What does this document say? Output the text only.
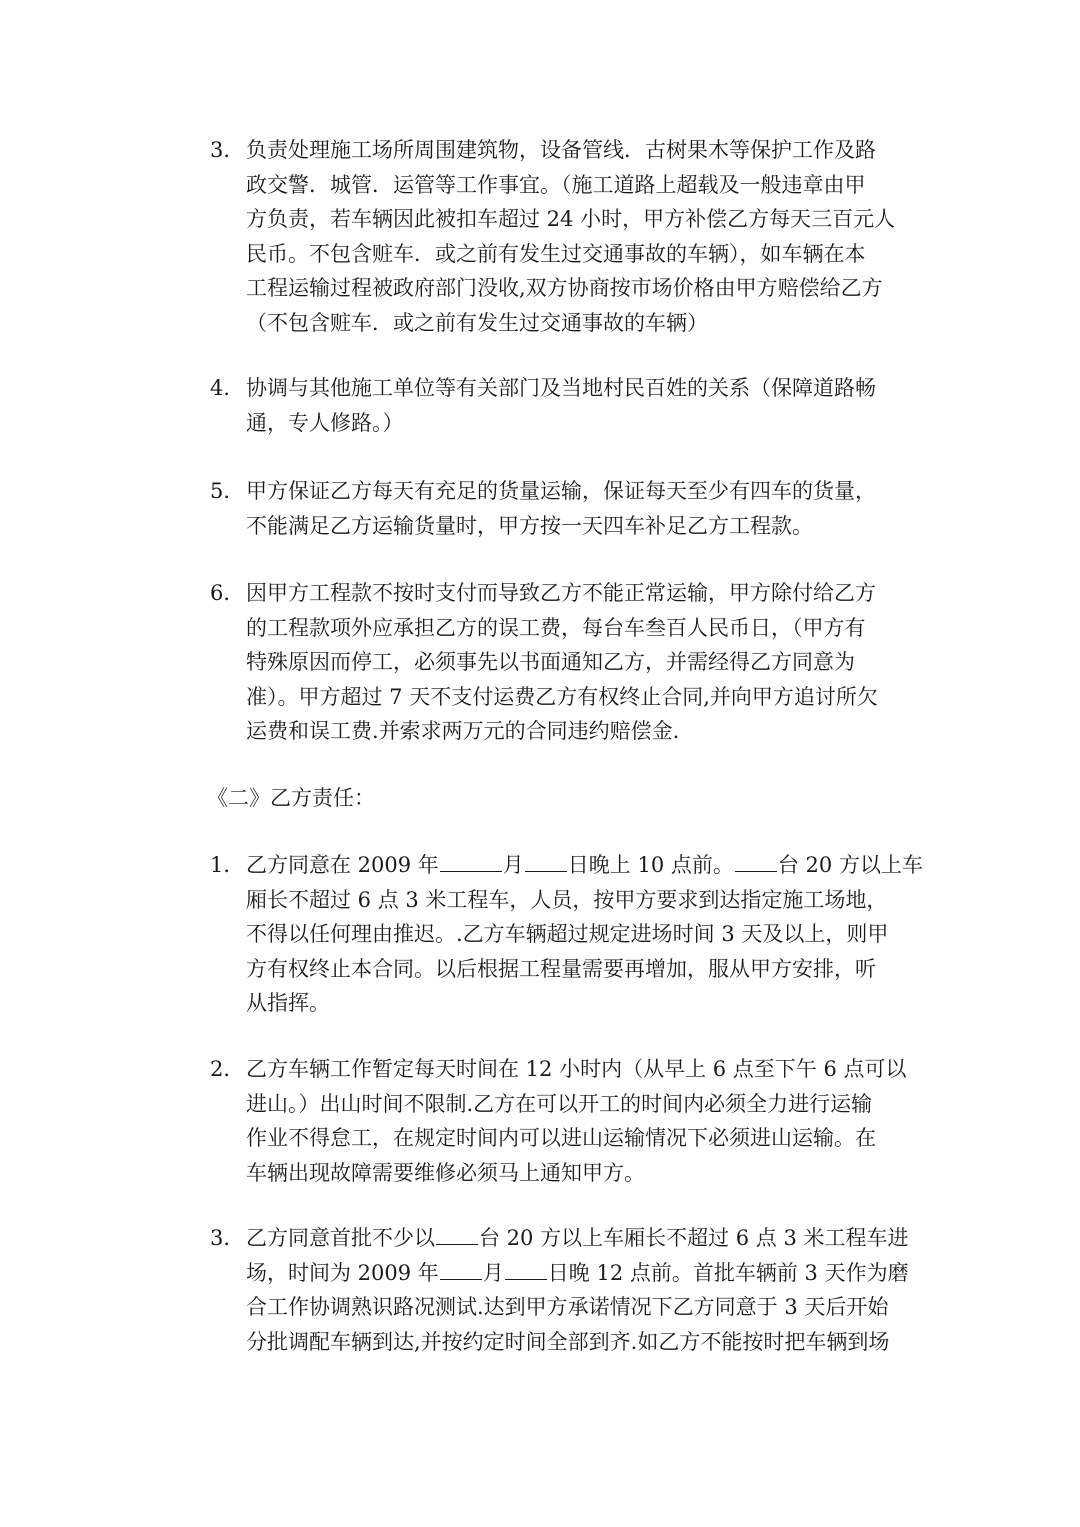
3． 负责处理施工场所周围建筑物，设备管线．古树果木等保护工作及路
政交警．城管．运管等工作事宜。（施工道路上超载及一般违章由甲
方负责，若车辆因此被扣车超过 24 小时，甲方补偿乙方每天三百元人
民币。不包含赃车．或之前有发生过交通事故的车辆），如车辆在本
工程运输过程被政府部门没收,双方协商按市场价格由甲方赔偿给乙方
（不包含赃车．或之前有发生过交通事故的车辆）
4． 协调与其他施工单位等有关部门及当地村民百姓的关系（保障道路畅
通，专人修路。）
5． 甲方保证乙方每天有充足的货量运输，保证每天至少有四车的货量，
不能满足乙方运输货量时，甲方按一天四车补足乙方工程款。
6． 因甲方工程款不按时支付而导致乙方不能正常运输，甲方除付给乙方
的工程款项外应承担乙方的误工费，每台车叁百人民币日，（甲方有
特殊原因而停工，必须事先以书面通知乙方，并需经得乙方同意为
准）。甲方超过 7 天不支付运费乙方有权终止合同,并向甲方追讨所欠
运费和误工费.并索求两万元的合同违约赔偿金.
《二》乙方责任：
1． 乙方同意在 2009 年	月 日晚上 10 点前。 台 20 方以上车
厢长不超过 6 点 3 米工程车，人员，按甲方要求到达指定施工场地，
不得以任何理由推迟。.乙方车辆超过规定进场时间 3 天及以上，则甲
方有权终止本合同。以后根据工程量需要再增加，服从甲方安排，听
从指挥。
2． 乙方车辆工作暂定每天时间在 12 小时内（从早上 6 点至下午 6 点可以
进山。）出山时间不限制.乙方在可以开工的时间内必须全力进行运输
作业不得怠工，在规定时间内可以进山运输情况下必须进山运输。在
车辆出现故障需要维修必须马上通知甲方。
3． 乙方同意首批不少以 台 20 方以上车厢长不超过 6 点 3 米工程车进
场，时间为 2009 年 月 日晚 12 点前。首批车辆前 3 天作为磨
合工作协调熟识路况测试.达到甲方承诺情况下乙方同意于 3 天后开始
分批调配车辆到达,并按约定时间全部到齐.如乙方不能按时把车辆到场
